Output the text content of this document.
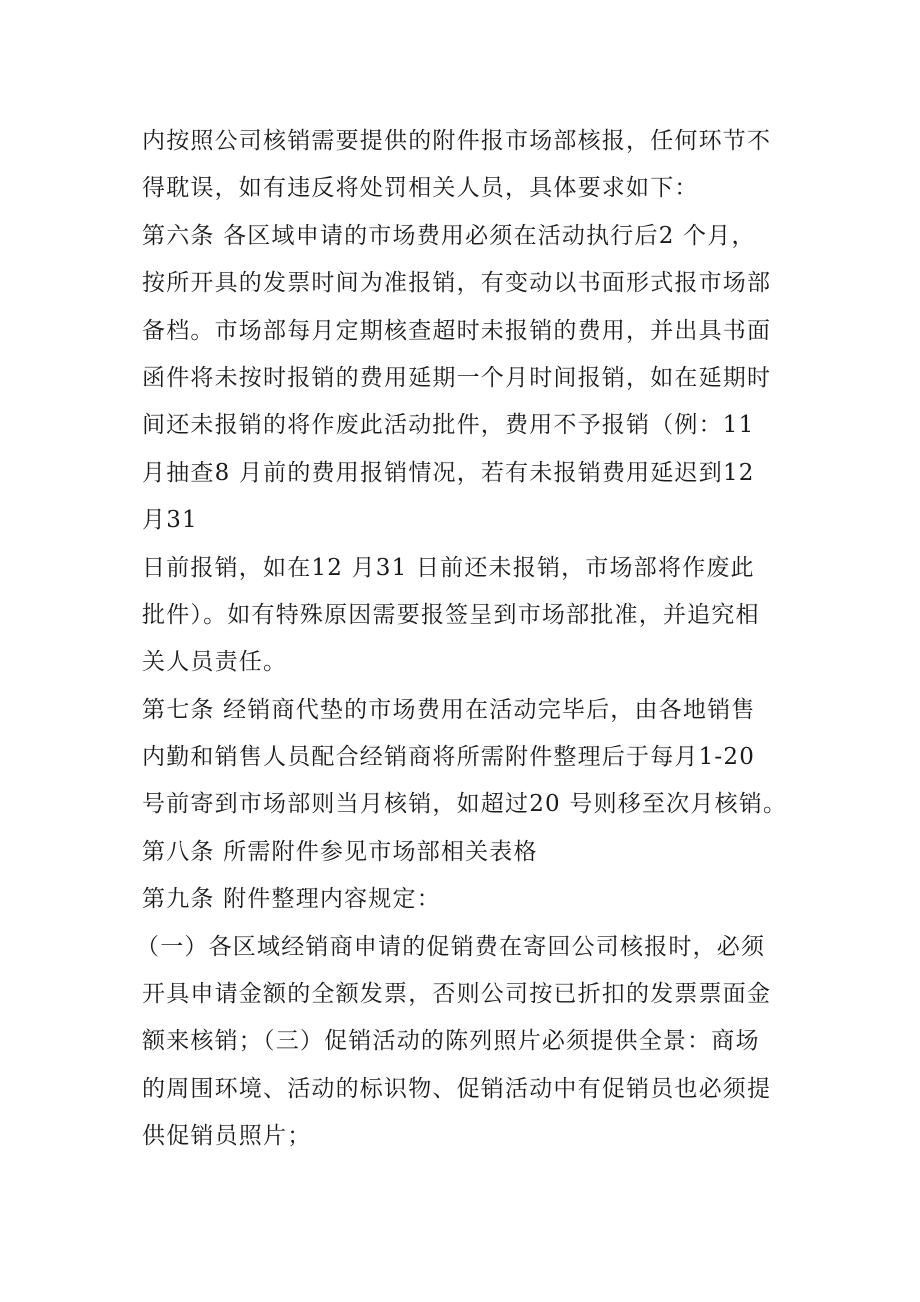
内按照公司核销需要提供的附件报市场部核报，任何环节不
得耽误，如有违反将处罚相关人员，具体要求如下：
第六条 各区域申请的市场费用必须在活动执行后2 个月，
按所开具的发票时间为准报销，有变动以书面形式报市场部
备档。市场部每月定期核查超时未报销的费用，并出具书面
函件将未按时报销的费用延期一个月时间报销，如在延期时
间还未报销的将作废此活动批件，费用不予报销（例：11
月抽查8 月前的费用报销情况，若有未报销费用延迟到12
月31
日前报销，如在12 月31 日前还未报销，市场部将作废此
批件）。如有特殊原因需要报签呈到市场部批准，并追究相
关人员责任。
第七条 经销商代垫的市场费用在活动完毕后，由各地销售
内勤和销售人员配合经销商将所需附件整理后于每月1-20
号前寄到市场部则当月核销，如超过20 号则移至次月核销。
第八条 所需附件参见市场部相关表格
第九条 附件整理内容规定：
（一）各区域经销商申请的促销费在寄回公司核报时，必须
开具申请金额的全额发票，否则公司按已折扣的发票票面金
额来核销；（三）促销活动的陈列照片必须提供全景：商场
的周围环境、活动的标识物、促销活动中有促销员也必须提
供促销员照片；
